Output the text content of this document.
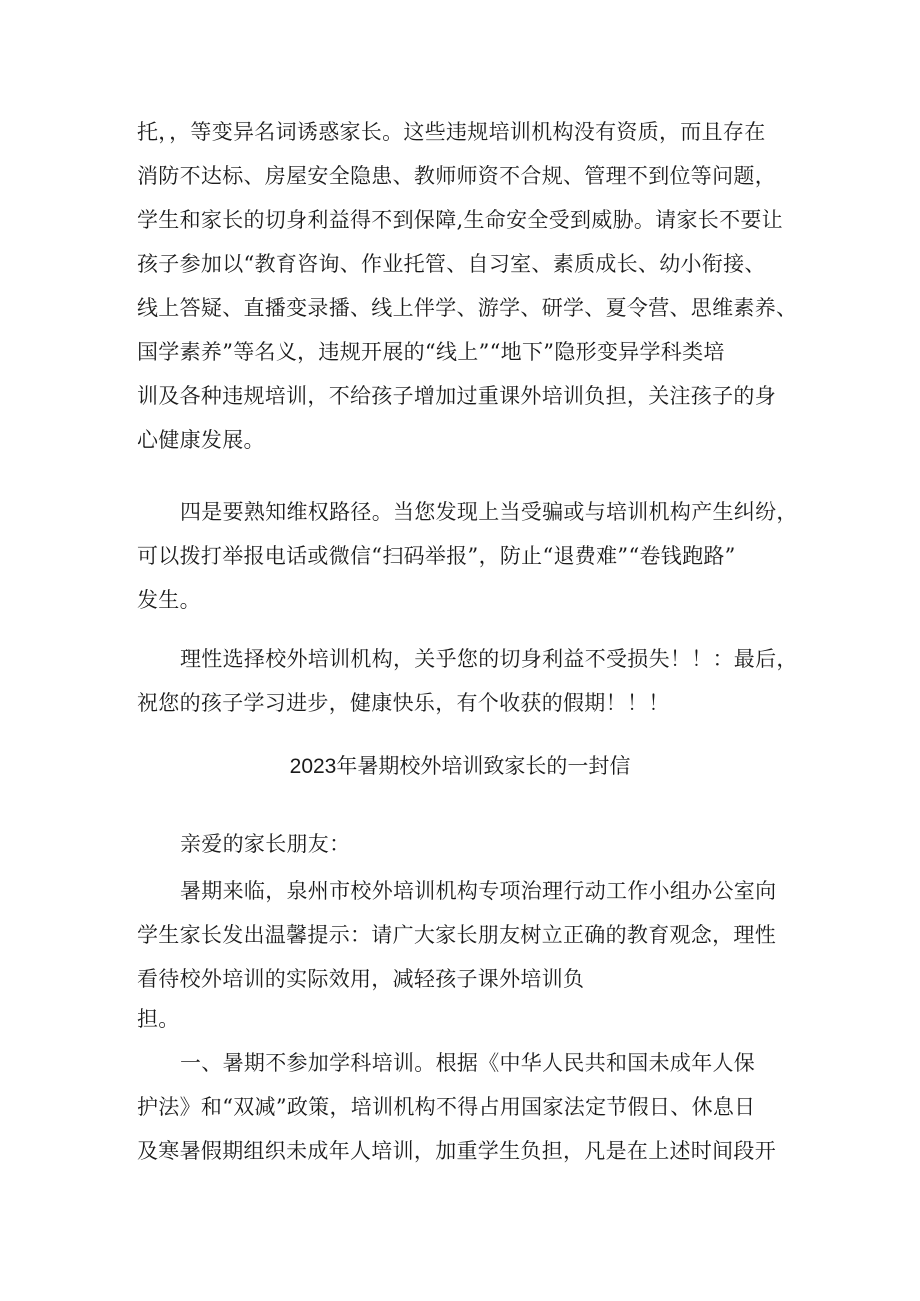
托，，等变异名词诱惑家长。这些违规培训机构没有资质，而且存在
消防不达标、房屋安全隐患、教师师资不合规、管理不到位等问题，
学生和家长的切身利益得不到保障,生命安全受到威胁。请家长不要让
孩子参加以“教育咨询、作业托管、自习室、素质成长、幼小衔接、
线上答疑、直播变录播、线上伴学、游学、研学、夏令营、思维素养、
国学素养”等名义，违规开展的“线上”“地下”隐形变异学科类培
训及各种违规培训，不给孩子增加过重课外培训负担，关注孩子的身
心健康发展。
四是要熟知维权路径。当您发现上当受骗或与培训机构产生纠纷，
可以拨打举报电话或微信“扫码举报”，防止“退费难”“卷钱跑路”
发生。
理性选择校外培训机构，关乎您的切身利益不受损失！！：最后，
祝您的孩子学习进步，健康快乐，有个收获的假期！！！
2023年暑期校外培训致家长的一封信
亲爱的家长朋友：
暑期来临，泉州市校外培训机构专项治理行动工作小组办公室向
学生家长发出温馨提示：请广大家长朋友树立正确的教育观念，理性
看待校外培训的实际效用，减轻孩子课外培训负
担。
一、暑期不参加学科培训。根据《中华人民共和国未成年人保
护法》和“双减”政策，培训机构不得占用国家法定节假日、休息日
及寒暑假期组织未成年人培训，加重学生负担，凡是在上述时间段开
